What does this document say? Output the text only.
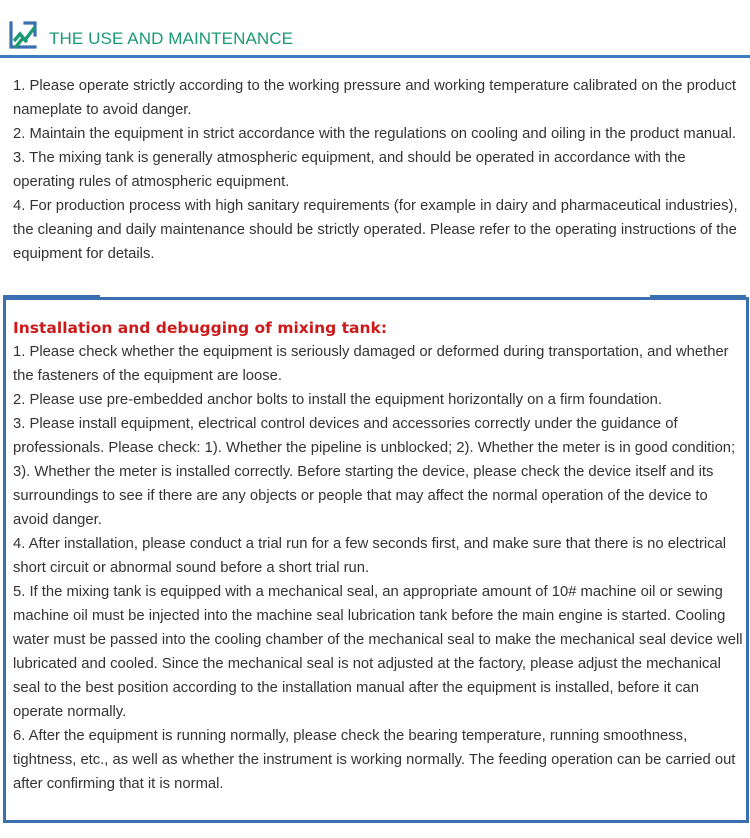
THE USE AND MAINTENANCE

1. Please operate strictly according to the working pressure and working temperature calibrated on the product nameplate to avoid danger.

2. Maintain the equipment in strict accordance with the regulations on cooling and oiling in the product manual.

3. The mixing tank is generally atmospheric equipment, and should be operated in accordance with the operating rules of atmospheric equipment.

4. For production process with high sanitary requirements (for example in dairy and pharmaceutical industries), the cleaning and daily maintenance should be strictly operated. Please refer to the operating instructions of the equipment for details.

Installation and debugging of mixing tank:

1. Please check whether the equipment is seriously damaged or deformed during transportation, and whether the fasteners of the equipment are loose.

2. Please use pre-embedded anchor bolts to install the equipment horizontally on a firm foundation.

3. Please install equipment, electrical control devices and accessories correctly under the guidance of professionals. Please check: 1). Whether the pipeline is unblocked; 2). Whether the meter is in good condition; 3). Whether the meter is installed correctly. Before starting the device, please check the device itself and its surroundings to see if there are any objects or people that may affect the normal operation of the device to avoid danger.

4. After installation, please conduct a trial run for a few seconds first, and make sure that there is no electrical short circuit or abnormal sound before a short trial run.

5. If the mixing tank is equipped with a mechanical seal, an appropriate amount of 10# machine oil or sewing machine oil must be injected into the machine seal lubrication tank before the main engine is started. Cooling water must be passed into the cooling chamber of the mechanical seal to make the mechanical seal device well lubricated and cooled. Since the mechanical seal is not adjusted at the factory, please adjust the mechanical seal to the best position according to the installation manual after the equipment is installed, before it can operate normally.

6. After the equipment is running normally, please check the bearing temperature, running smoothness, tightness, etc., as well as whether the instrument is working normally. The feeding operation can be carried out after confirming that it is normal.
